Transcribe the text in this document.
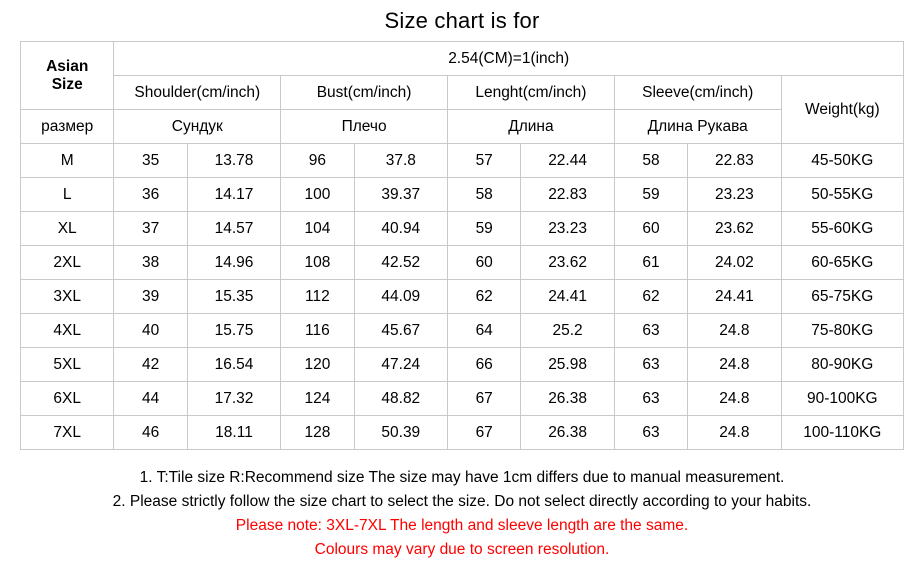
Size chart is for
Asian
Size	2.54(CM)=1(inch)								
	Shoulder(cm/inch)		Bust(cm/inch)		Lenght(cm/inch)		Sleeve(cm/inch)		Weight(kg)
размер	Сундук		Плечо		Длина		Длина Рукава		
M	35	13.78	96	37.8	57	22.44	58	22.83	45-50KG
L	36	14.17	100	39.37	58	22.83	59	23.23	50-55KG
XL	37	14.57	104	40.94	59	23.23	60	23.62	55-60KG
2XL	38	14.96	108	42.52	60	23.62	61	24.02	60-65KG
3XL	39	15.35	112	44.09	62	24.41	62	24.41	65-75KG
4XL	40	15.75	116	45.67	64	25.2	63	24.8	75-80KG
5XL	42	16.54	120	47.24	66	25.98	63	24.8	80-90KG
6XL	44	17.32	124	48.82	67	26.38	63	24.8	90-100KG
7XL	46	18.11	128	50.39	67	26.38	63	24.8	100-110KG
1. T:Tile size R:Recommend size The size may have 1cm differs due to manual measurement.
2. Please strictly follow the size chart to select the size. Do not select directly according to your habits.
Please note: 3XL-7XL The length and sleeve length are the same.
Colours may vary due to screen resolution.
